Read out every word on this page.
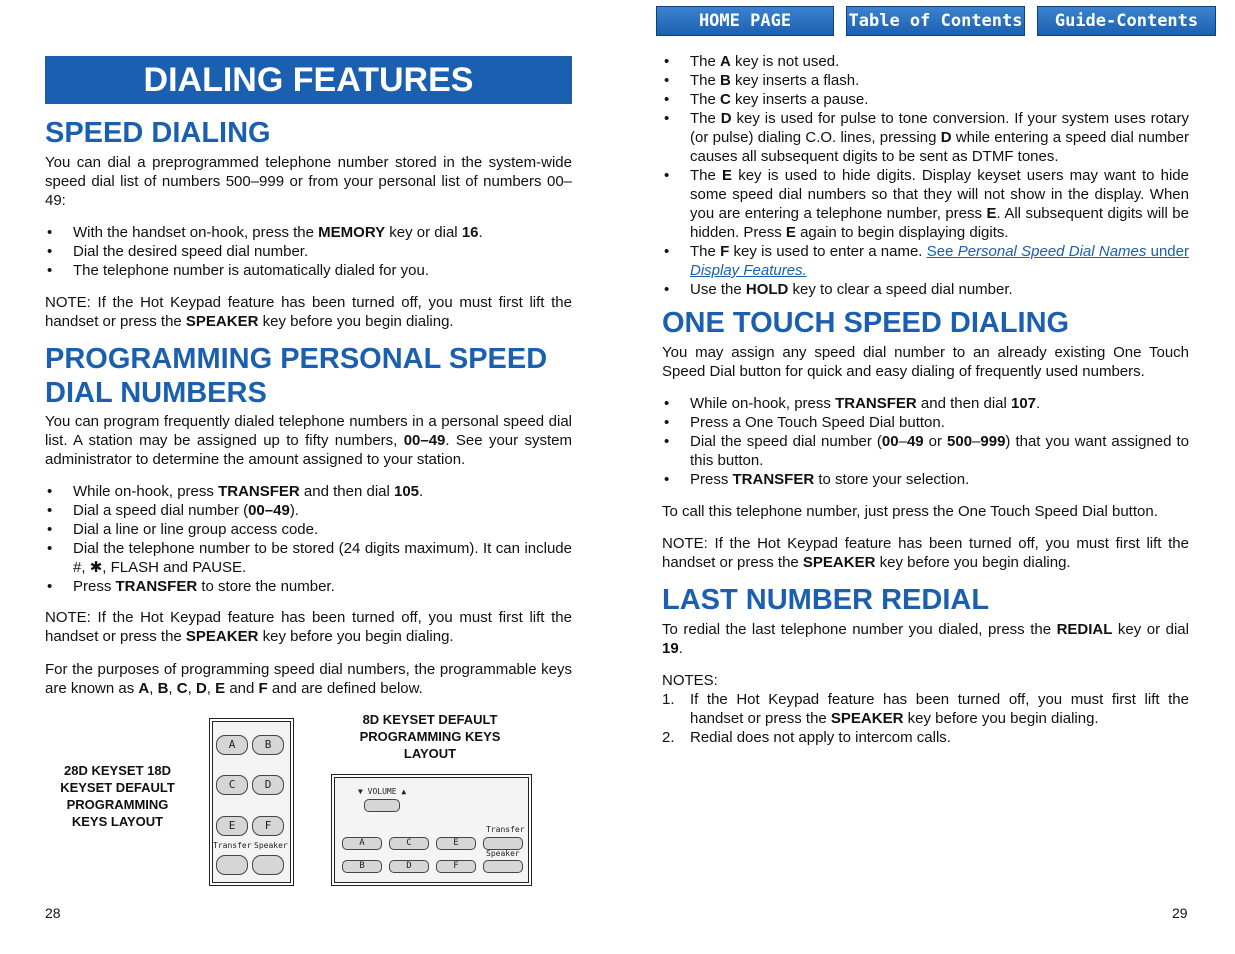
HOME PAGE	Table of Contents	Guide-Contents
DIALING FEATURES
SPEED DIALING

You can dial a preprogrammed telephone number stored in the system-wide speed dial list of numbers 500–999 or from your personal list of numbers 00–49:

• With the handset on-hook, press the MEMORY key or dial 16.
• Dial the desired speed dial number.
• The telephone number is automatically dialed for you.

NOTE: If the Hot Keypad feature has been turned off, you must first lift the handset or press the SPEAKER key before you begin dialing.

PROGRAMMING PERSONAL SPEED DIAL NUMBERS

You can program frequently dialed telephone numbers in a personal speed dial list. A station may be assigned up to fifty numbers, 00–49. See your system administrator to determine the amount assigned to your station.

• While on-hook, press TRANSFER and then dial 105.
• Dial a speed dial number (00–49).
• Dial a line or line group access code.
• Dial the telephone number to be stored (24 digits maximum). It can include #, ✱, FLASH and PAUSE.
• Press TRANSFER to store the number.

NOTE: If the Hot Keypad feature has been turned off, you must first lift the handset or press the SPEAKER key before you begin dialing.

For the purposes of programming speed dial numbers, the programmable keys are known as A, B, C, D, E and F and are defined below.

28D KEYSET 18D KEYSET DEFAULT PROGRAMMING KEYS LAYOUT
A	B
C	D
E	F
Transfer Speaker
8D KEYSET DEFAULT PROGRAMMING KEYS LAYOUT
▼ VOLUME ▲
Transfer
A	C	E
Speaker
B	D	F
28
• The A key is not used.
• The B key inserts a flash.
• The C key inserts a pause.
• The D key is used for pulse to tone conversion. If your system uses rotary (or pulse) dialing C.O. lines, pressing D while entering a speed dial number causes all subsequent digits to be sent as DTMF tones.
• The E key is used to hide digits. Display keyset users may want to hide some speed dial numbers so that they will not show in the display. When you are entering a telephone number, press E. All subsequent digits will be hidden. Press E again to begin displaying digits.
• The F key is used to enter a name. See Personal Speed Dial Names under Display Features.
• Use the HOLD key to clear a speed dial number.
ONE TOUCH SPEED DIALING

You may assign any speed dial number to an already existing One Touch Speed Dial button for quick and easy dialing of frequently used numbers.

• While on-hook, press TRANSFER and then dial 107.
• Press a One Touch Speed Dial button.
• Dial the speed dial number (00–49 or 500–999) that you want assigned to this button.
• Press TRANSFER to store your selection.

To call this telephone number, just press the One Touch Speed Dial button.

NOTE: If the Hot Keypad feature has been turned off, you must first lift the handset or press the SPEAKER key before you begin dialing.

LAST NUMBER REDIAL

To redial the last telephone number you dialed, press the REDIAL key or dial 19.

NOTES:

1. If the Hot Keypad feature has been turned off, you must first lift the handset or press the SPEAKER key before you begin dialing.
2. Redial does not apply to intercom calls.
29
